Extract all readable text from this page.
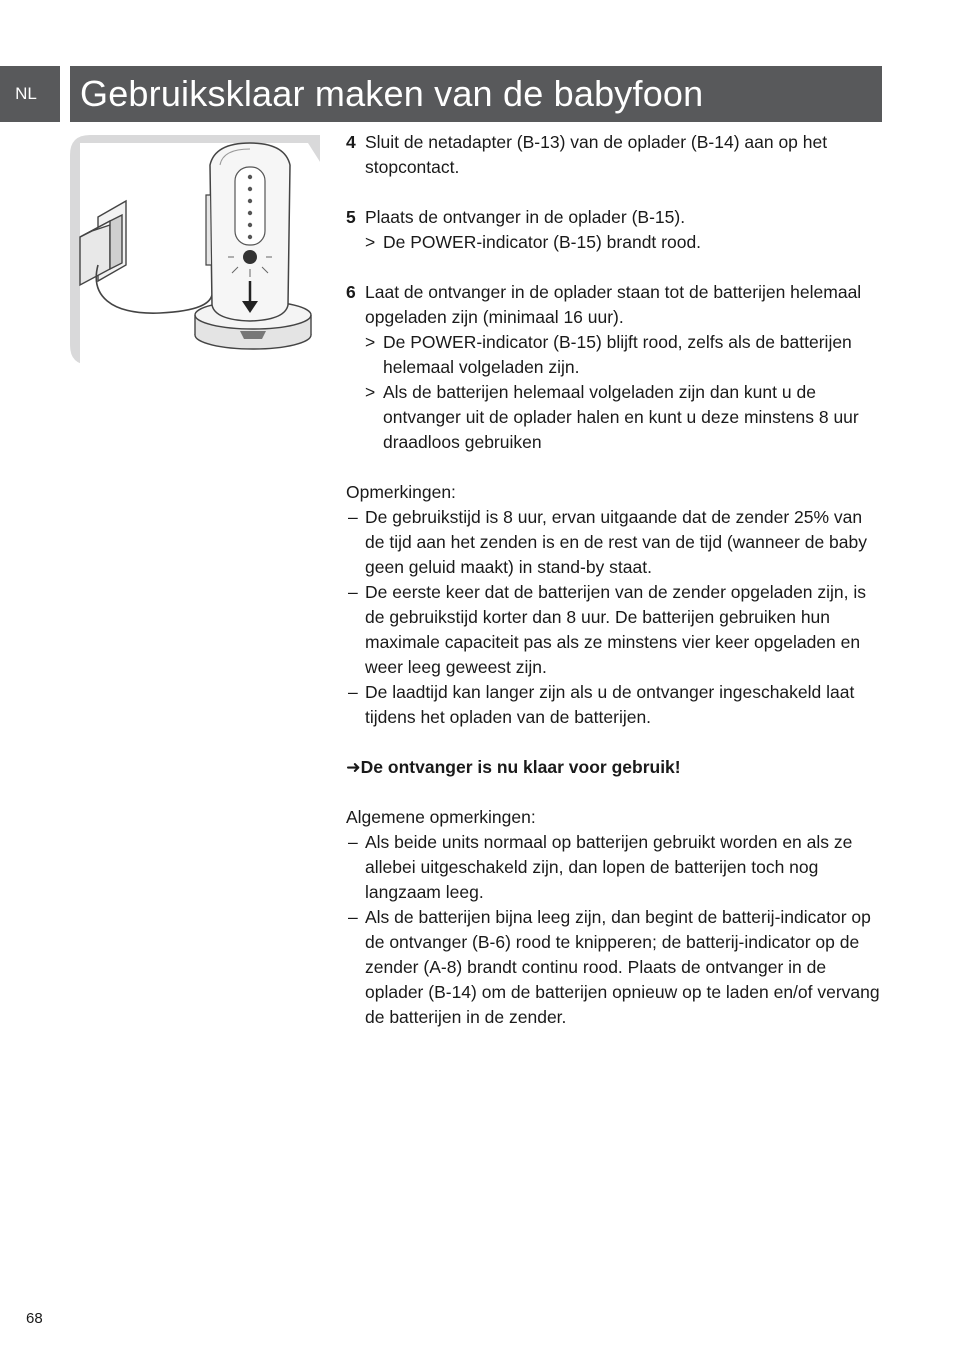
NL Gebruiksklaar maken van de babyfoon
4 Sluit de netadapter (B-13) van de oplader (B-14) aan op het stopcontact.
5 Plaats de ontvanger in de oplader (B-15).
> De POWER-indicator (B-15) brandt rood.
6 Laat de ontvanger in de oplader staan tot de batterijen helemaal opgeladen zijn (minimaal 16 uur).
> De POWER-indicator (B-15) blijft rood, zelfs als de batterijen helemaal volgeladen zijn.
> Als de batterijen helemaal volgeladen zijn dan kunt u de ontvanger uit de oplader halen en kunt u deze minstens 8 uur draadloos gebruiken
Opmerkingen:
– De gebruikstijd is 8 uur, ervan uitgaande dat de zender 25% van de tijd aan het zenden is en de rest van de tijd (wanneer de baby geen geluid maakt) in stand-by staat.
– De eerste keer dat de batterijen van de zender opgeladen zijn, is de gebruikstijd korter dan 8 uur. De batterijen gebruiken hun maximale capaciteit pas als ze minstens vier keer opgeladen en weer leeg geweest zijn.
– De laadtijd kan langer zijn als u de ontvanger ingeschakeld laat tijdens het opladen van de batterijen.
➜De ontvanger is nu klaar voor gebruik!
Algemene opmerkingen:
– Als beide units normaal op batterijen gebruikt worden en als ze allebei uitgeschakeld zijn, dan lopen de batterijen toch nog langzaam leeg.
– Als de batterijen bijna leeg zijn, dan begint de batterij-indicator op de ontvanger (B-6) rood te knipperen; de batterij-indicator op de zender (A-8) brandt continu rood. Plaats de ontvanger in de oplader (B-14) om de batterijen opnieuw op te laden en/of vervang de batterijen in de zender.
68
